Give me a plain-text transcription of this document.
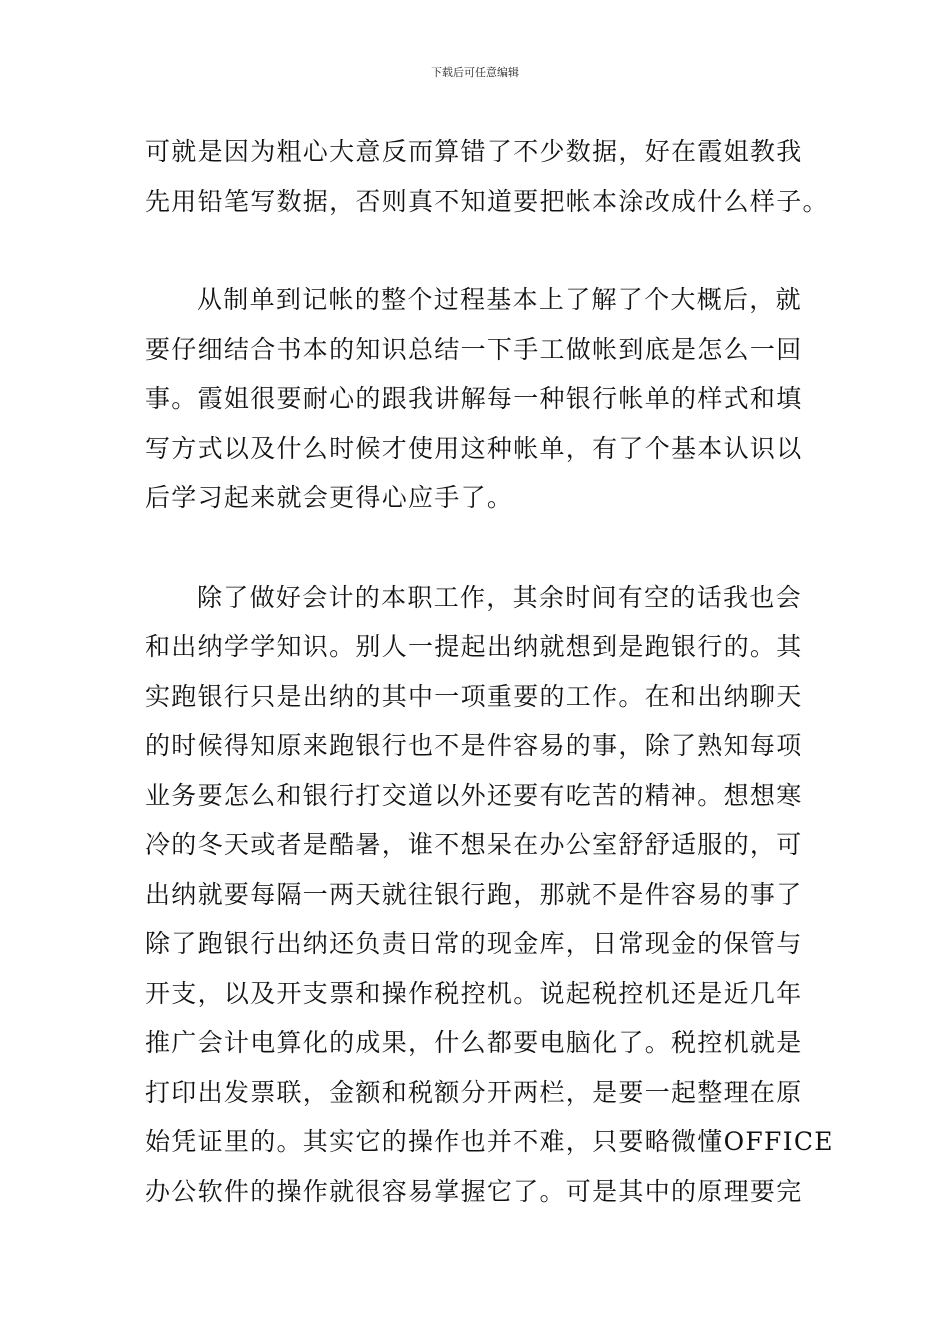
下载后可任意编辑
可就是因为粗心大意反而算错了不少数据，好在霞姐教我
先用铅笔写数据，否则真不知道要把帐本涂改成什么样子。
从制单到记帐的整个过程基本上了解了个大概后，就
要仔细结合书本的知识总结一下手工做帐到底是怎么一回
事。霞姐很要耐心的跟我讲解每一种银行帐单的样式和填
写方式以及什么时候才使用这种帐单，有了个基本认识以
后学习起来就会更得心应手了。
除了做好会计的本职工作，其余时间有空的话我也会
和出纳学学知识。别人一提起出纳就想到是跑银行的。其
实跑银行只是出纳的其中一项重要的工作。在和出纳聊天
的时候得知原来跑银行也不是件容易的事，除了熟知每项
业务要怎么和银行打交道以外还要有吃苦的精神。想想寒
冷的冬天或者是酷暑，谁不想呆在办公室舒舒适服的，可
出纳就要每隔一两天就往银行跑，那就不是件容易的事了
除了跑银行出纳还负责日常的现金库，日常现金的保管与
开支，以及开支票和操作税控机。说起税控机还是近几年
推广会计电算化的成果，什么都要电脑化了。税控机就是
打印出发票联，金额和税额分开两栏，是要一起整理在原
始凭证里的。其实它的操作也并不难，只要略微懂OFFICE
办公软件的操作就很容易掌握它了。可是其中的原理要完
